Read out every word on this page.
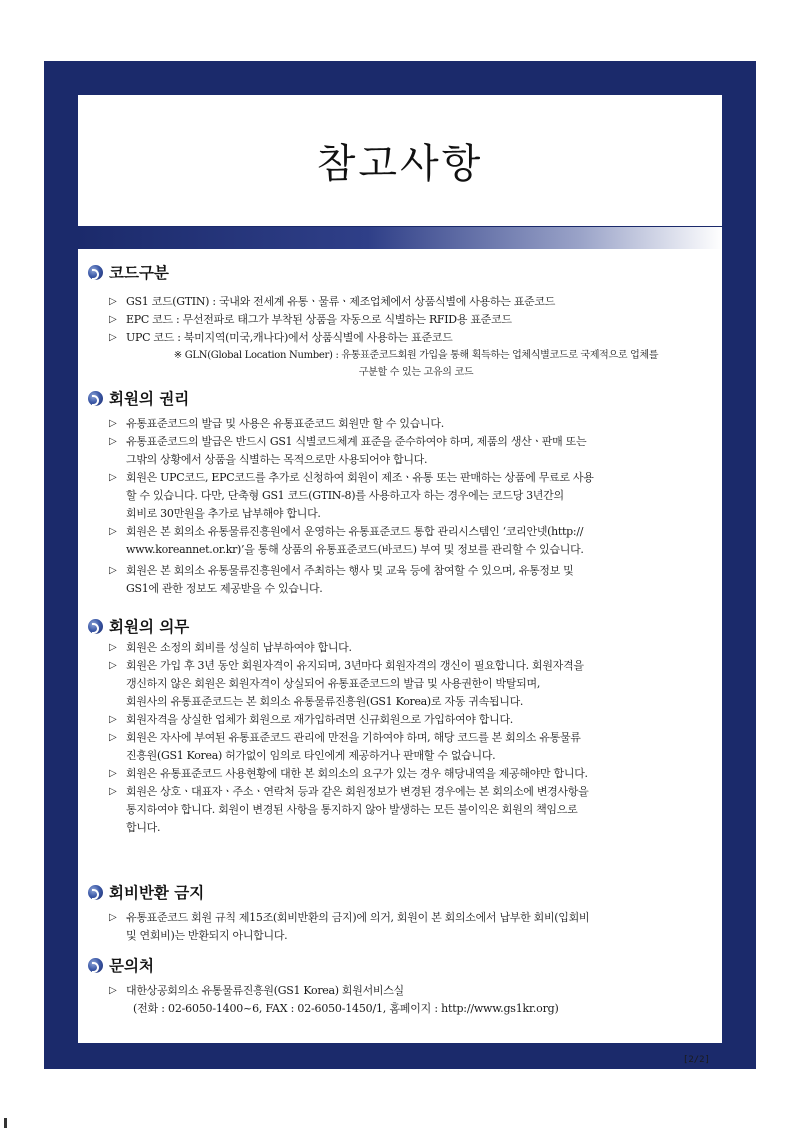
참고사항
코드구분
▷ GS1 코드(GTIN) : 국내와 전세계 유통ㆍ물류ㆍ제조업체에서 상품식별에 사용하는 표준코드
▷ EPC 코드 : 무선전파로 태그가 부착된 상품을 자동으로 식별하는 RFID용 표준코드
▷ UPC 코드 : 북미지역(미국,캐나다)에서 상품식별에 사용하는 표준코드
※ GLN(Global Location Number) : 유통표준코드회원 가입을 통해 획득하는 업체식별코드로 국제적으로 업체를
구분할 수 있는 고유의 코드
회원의 권리
▷ 유통표준코드의 발급 및 사용은 유통표준코드 회원만 할 수 있습니다.
▷ 유통표준코드의 발급은 반드시 GS1 식별코드체계 표준을 준수하여야 하며, 제품의 생산ㆍ판매 또는
그밖의 상황에서 상품을 식별하는 목적으로만 사용되어야 합니다.
▷ 회원은 UPC코드, EPC코드를 추가로 신청하여 회원이 제조ㆍ유통 또는 판매하는 상품에 무료로 사용
할 수 있습니다. 다만, 단축형 GS1 코드(GTIN-8)를 사용하고자 하는 경우에는 코드당 3년간의
회비로 30만원을 추가로 납부해야 합니다.
▷ 회원은 본 회의소 유통물류진흥원에서 운영하는 유통표준코드 통합 관리시스템인 ‘코리안넷(http://
www.koreannet.or.kr)’을 통해 상품의 유통표준코드(바코드) 부여 및 정보를 관리할 수 있습니다.
▷ 회원은 본 회의소 유통물류진흥원에서 주최하는 행사 및 교육 등에 참여할 수 있으며, 유통정보 및
GS1에 관한 정보도 제공받을 수 있습니다.
회원의 의무
▷ 회원은 소정의 회비를 성실히 납부하여야 합니다.
▷ 회원은 가입 후 3년 동안 회원자격이 유지되며, 3년마다 회원자격의 갱신이 필요합니다. 회원자격을
갱신하지 않은 회원은 회원자격이 상실되어 유통표준코드의 발급 및 사용권한이 박탈되며,
회원사의 유통표준코드는 본 회의소 유통물류진흥원(GS1 Korea)로 자동 귀속됩니다.
▷ 회원자격을 상실한 업체가 회원으로 재가입하려면 신규회원으로 가입하여야 합니다.
▷ 회원은 자사에 부여된 유통표준코드 관리에 만전을 기하여야 하며, 해당 코드를 본 회의소 유통물류
진흥원(GS1 Korea) 허가없이 임의로 타인에게 제공하거나 판매할 수 없습니다.
▷ 회원은 유통표준코드 사용현황에 대한 본 회의소의 요구가 있는 경우 해당내역을 제공해야만 합니다.
▷ 회원은 상호ㆍ대표자ㆍ주소ㆍ연락처 등과 같은 회원정보가 변경된 경우에는 본 회의소에 변경사항을
통지하여야 합니다. 회원이 변경된 사항을 통지하지 않아 발생하는 모든 불이익은 회원의 책임으로
합니다.
회비반환 금지
▷ 유통표준코드 회원 규칙 제15조(회비반환의 금지)에 의거, 회원이 본 회의소에서 납부한 회비(입회비
및 연회비)는 반환되지 아니합니다.
문의처
▷ 대한상공회의소 유통물류진흥원(GS1 Korea) 회원서비스실
(전화 : 02-6050-1400~6, FAX : 02-6050-1450/1, 홈페이지 : http://www.gs1kr.org)
[2/2]
